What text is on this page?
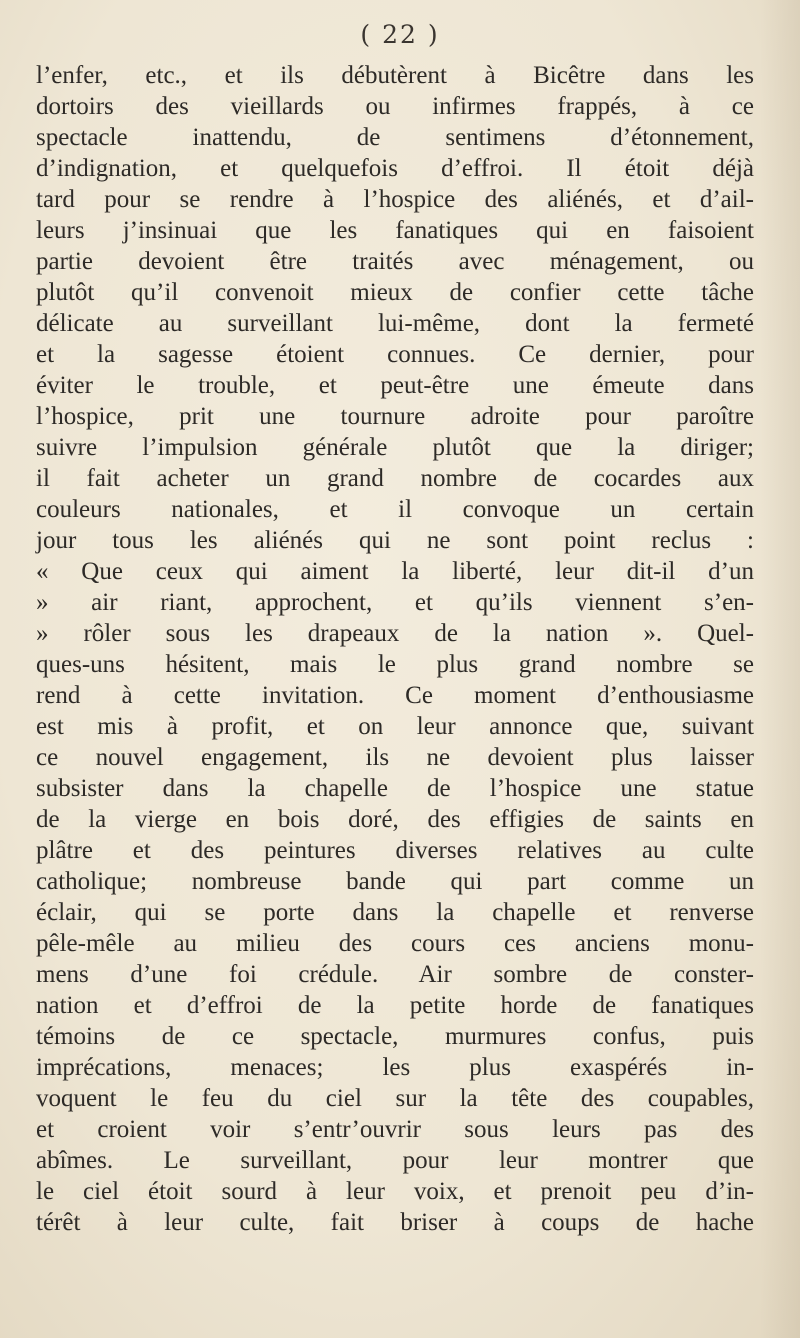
( 22 )

l’enfer, etc., et ils débutèrent à Bicêtre dans les
dortoirs des vieillards ou infirmes frappés, à ce
spectacle inattendu, de sentimens d’étonnement,
d’indignation, et quelquefois d’effroi. Il étoit déjà
tard pour se rendre à l’hospice des aliénés, et d’ail-
leurs j’insinuai que les fanatiques qui en faisoient
partie devoient être traités avec ménagement, ou
plutôt qu’il convenoit mieux de confier cette tâche
délicate au surveillant lui-même, dont la fermeté
et la sagesse étoient connues. Ce dernier, pour
éviter le trouble, et peut-être une émeute dans
l’hospice, prit une tournure adroite pour paroître
suivre l’impulsion générale plutôt que la diriger;
il fait acheter un grand nombre de cocardes aux
couleurs nationales, et il convoque un certain
jour tous les aliénés qui ne sont point reclus :
« Que ceux qui aiment la liberté, leur dit-il d’un
» air riant, approchent, et qu’ils viennent s’en-
» rôler sous les drapeaux de la nation ». Quel-
ques-uns hésitent, mais le plus grand nombre se
rend à cette invitation. Ce moment d’enthousiasme
est mis à profit, et on leur annonce que, suivant
ce nouvel engagement, ils ne devoient plus laisser
subsister dans la chapelle de l’hospice une statue
de la vierge en bois doré, des effigies de saints en
plâtre et des peintures diverses relatives au culte
catholique; nombreuse bande qui part comme un
éclair, qui se porte dans la chapelle et renverse
pêle-mêle au milieu des cours ces anciens monu-
mens d’une foi crédule. Air sombre de conster-
nation et d’effroi de la petite horde de fanatiques
témoins de ce spectacle, murmures confus, puis
imprécations, menaces; les plus exaspérés in-
voquent le feu du ciel sur la tête des coupables,
et croient voir s’entr’ouvrir sous leurs pas des
abîmes. Le surveillant, pour leur montrer que
le ciel étoit sourd à leur voix, et prenoit peu d’in-
térêt à leur culte, fait briser à coups de hache
